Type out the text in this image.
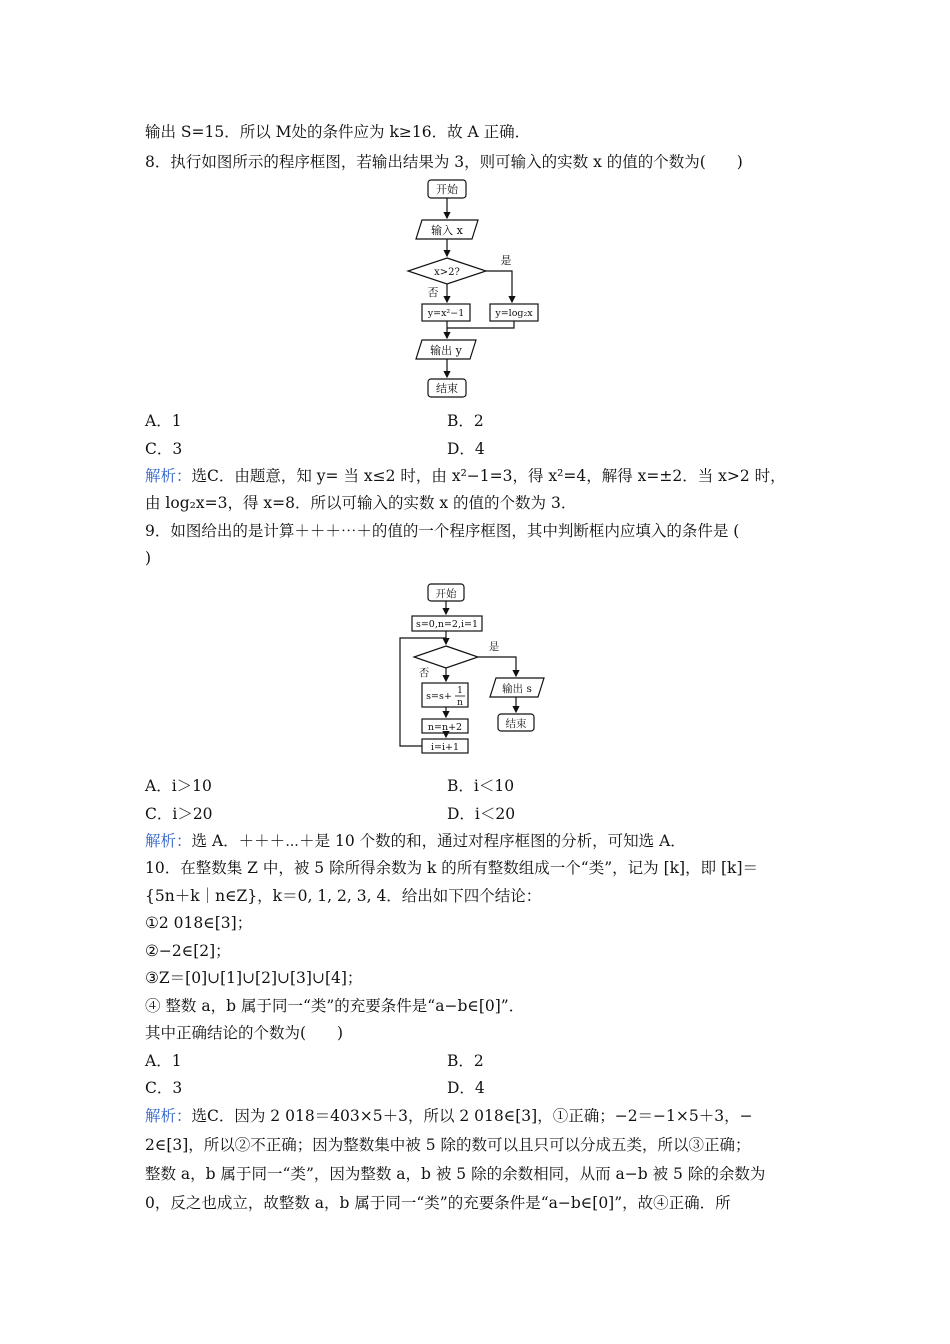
输出 S=15．所以 M处的条件应为 k≥16．故 A 正确．
8．执行如图所示的程序框图，若输出结果为 3，则可输入的实数 x 的值的个数为(　　)
开始
输入 x
x>2?
是
否
y=x²−1	y=log₂x
输出 y
结束
A．1	B．2
C．3	D．4
解析：选C．由题意，知 y= 当 x≤2 时，由 x²−1=3，得 x²=4，解得 x=±2．当 x>2 时，
由 log₂x=3，得 x=8．所以可输入的实数 x 的值的个数为 3．
9．如图给出的是计算＋＋＋⋯＋的值的一个程序框图，其中判断框内应填入的条件是 (
)
开始
s=0,n=2,i=1
是
否
s=s+ 1
n
n=n+2
i=i+1
输出 s
结束
A．i＞10	B．i＜10
C．i＞20	D．i＜20
解析：选 A．＋＋＋⋯＋是 10 个数的和，通过对程序框图的分析，可知选 A．
10．在整数集 Z 中，被 5 除所得余数为 k 的所有整数组成一个“类”，记为 [k]，即 [k]＝
{5n＋k｜n∈Z}，k＝0, 1, 2, 3, 4．给出如下四个结论：
①2 018∈[3]；
②−2∈[2]；
③Z＝[0]∪[1]∪[2]∪[3]∪[4]；
④ 整数 a，b 属于同一“类”的充要条件是“a−b∈[0]”．
其中正确结论的个数为(　　)
A．1	B．2
C．3	D．4
解析：选C．因为 2 018＝403×5＋3，所以 2 018∈[3]，①正确；−2＝−1×5＋3，−
2∈[3]，所以②不正确；因为整数集中被 5 除的数可以且只可以分成五类，所以③正确；
整数 a，b 属于同一“类”，因为整数 a，b 被 5 除的余数相同，从而 a−b 被 5 除的余数为
0，反之也成立，故整数 a，b 属于同一“类”的充要条件是“a−b∈[0]”，故④正确．所
